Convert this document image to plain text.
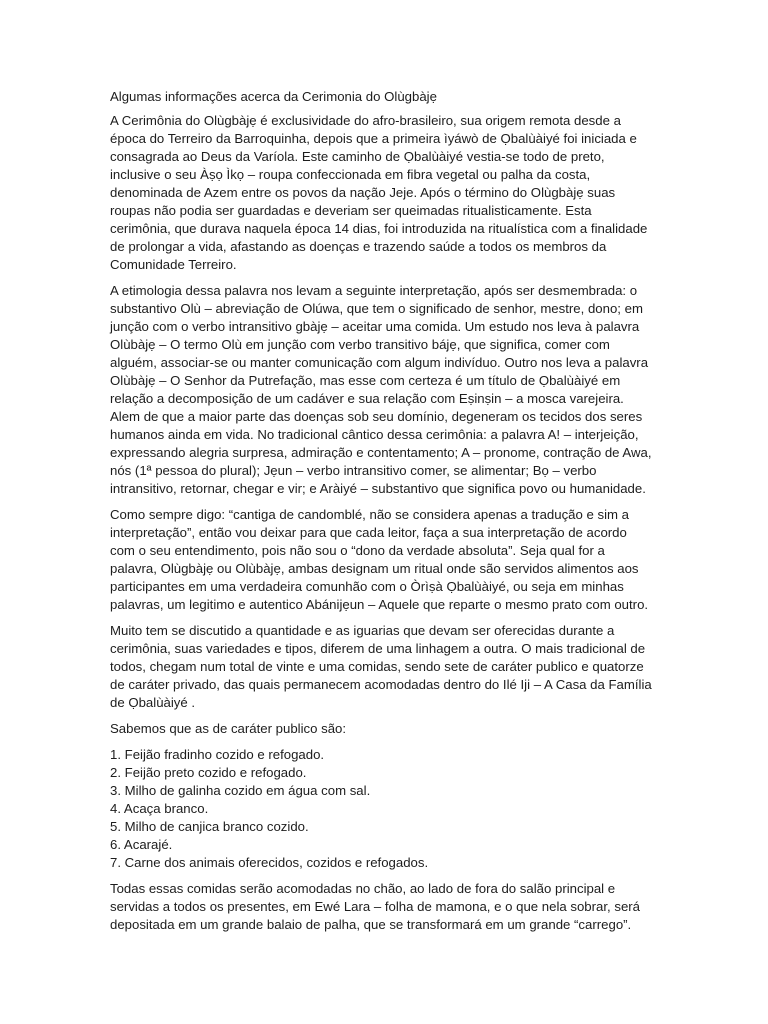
Algumas informações acerca da Cerimonia do Olùgbàjẹ

A Cerimônia do Olùgbàjẹ é exclusividade do afro-brasileiro, sua origem remota desde a época do Terreiro da Barroquinha, depois que a primeira ìyáwò de Ọbalùàiyé foi iniciada e consagrada ao Deus da Varíola. Este caminho de Ọbalùàiyé vestia-se todo de preto, inclusive o seu Àṣọ Ìkọ – roupa confeccionada em fibra vegetal ou palha da costa, denominada de Azem entre os povos da nação Jeje. Após o término do Olùgbàjẹ suas roupas não podia ser guardadas e deveriam ser queimadas ritualisticamente. Esta cerimônia, que durava naquela época 14 dias, foi introduzida na ritualística com a finalidade de prolongar a vida, afastando as doenças e trazendo saúde a todos os membros da Comunidade Terreiro.

A etimologia dessa palavra nos levam a seguinte interpretação, após ser desmembrada: o substantivo Olù – abreviação de Olúwa, que tem o significado de senhor, mestre, dono; em junção com o verbo intransitivo gbàjẹ – aceitar uma comida. Um estudo nos leva à palavra Olùbàjẹ – O termo Olù em junção com verbo transitivo bájẹ, que significa, comer com alguém, associar-se ou manter comunicação com algum indivíduo. Outro nos leva a palavra Olùbàjẹ – O Senhor da Putrefação, mas esse com certeza é um título de Ọbalùàiyé em relação a decomposição de um cadáver e sua relação com Eṣinṣin – a mosca varejeira. Alem de que a maior parte das doenças sob seu domínio, degeneram os tecidos dos seres humanos ainda em vida. No tradicional cântico dessa cerimônia: a palavra A! – interjeição, expressando alegria surpresa, admiração e contentamento; A – pronome, contração de Awa, nós (1ª pessoa do plural); Jẹun – verbo intransitivo comer, se alimentar; Bọ – verbo intransitivo, retornar, chegar e vir; e Aràiyé – substantivo que significa povo ou humanidade.

Como sempre digo: “cantiga de candomblé, não se considera apenas a tradução e sim a interpretação”, então vou deixar para que cada leitor, faça a sua interpretação de acordo com o seu entendimento, pois não sou o “dono da verdade absoluta”. Seja qual for a palavra, Olùgbàjẹ ou Olùbàjẹ, ambas designam um ritual onde são servidos alimentos aos participantes em uma verdadeira comunhão com o Òrìṣà Ọbalùàiyé, ou seja em minhas palavras, um legitimo e autentico Abánijẹun – Aquele que reparte o mesmo prato com outro.

Muito tem se discutido a quantidade e as iguarias que devam ser oferecidas durante a cerimônia, suas variedades e tipos, diferem de uma linhagem a outra. O mais tradicional de todos, chegam num total de vinte e uma comidas, sendo sete de caráter publico e quatorze de caráter privado, das quais permanecem acomodadas dentro do Ilé Iji – A Casa da Família de Ọbalùàiyé .

Sabemos que as de caráter publico são:

1. Feijão fradinho cozido e refogado.
2. Feijão preto cozido e refogado.
3. Milho de galinha cozido em água com sal.
4. Acaça branco.
5. Milho de canjica branco cozido.
6. Acarajé.
7. Carne dos animais oferecidos, cozidos e refogados.

Todas essas comidas serão acomodadas no chão, ao lado de fora do salão principal e servidas a todos os presentes, em Ewé Lara – folha de mamona, e o que nela sobrar, será depositada em um grande balaio de palha, que se transformará em um grande “carrego”.
